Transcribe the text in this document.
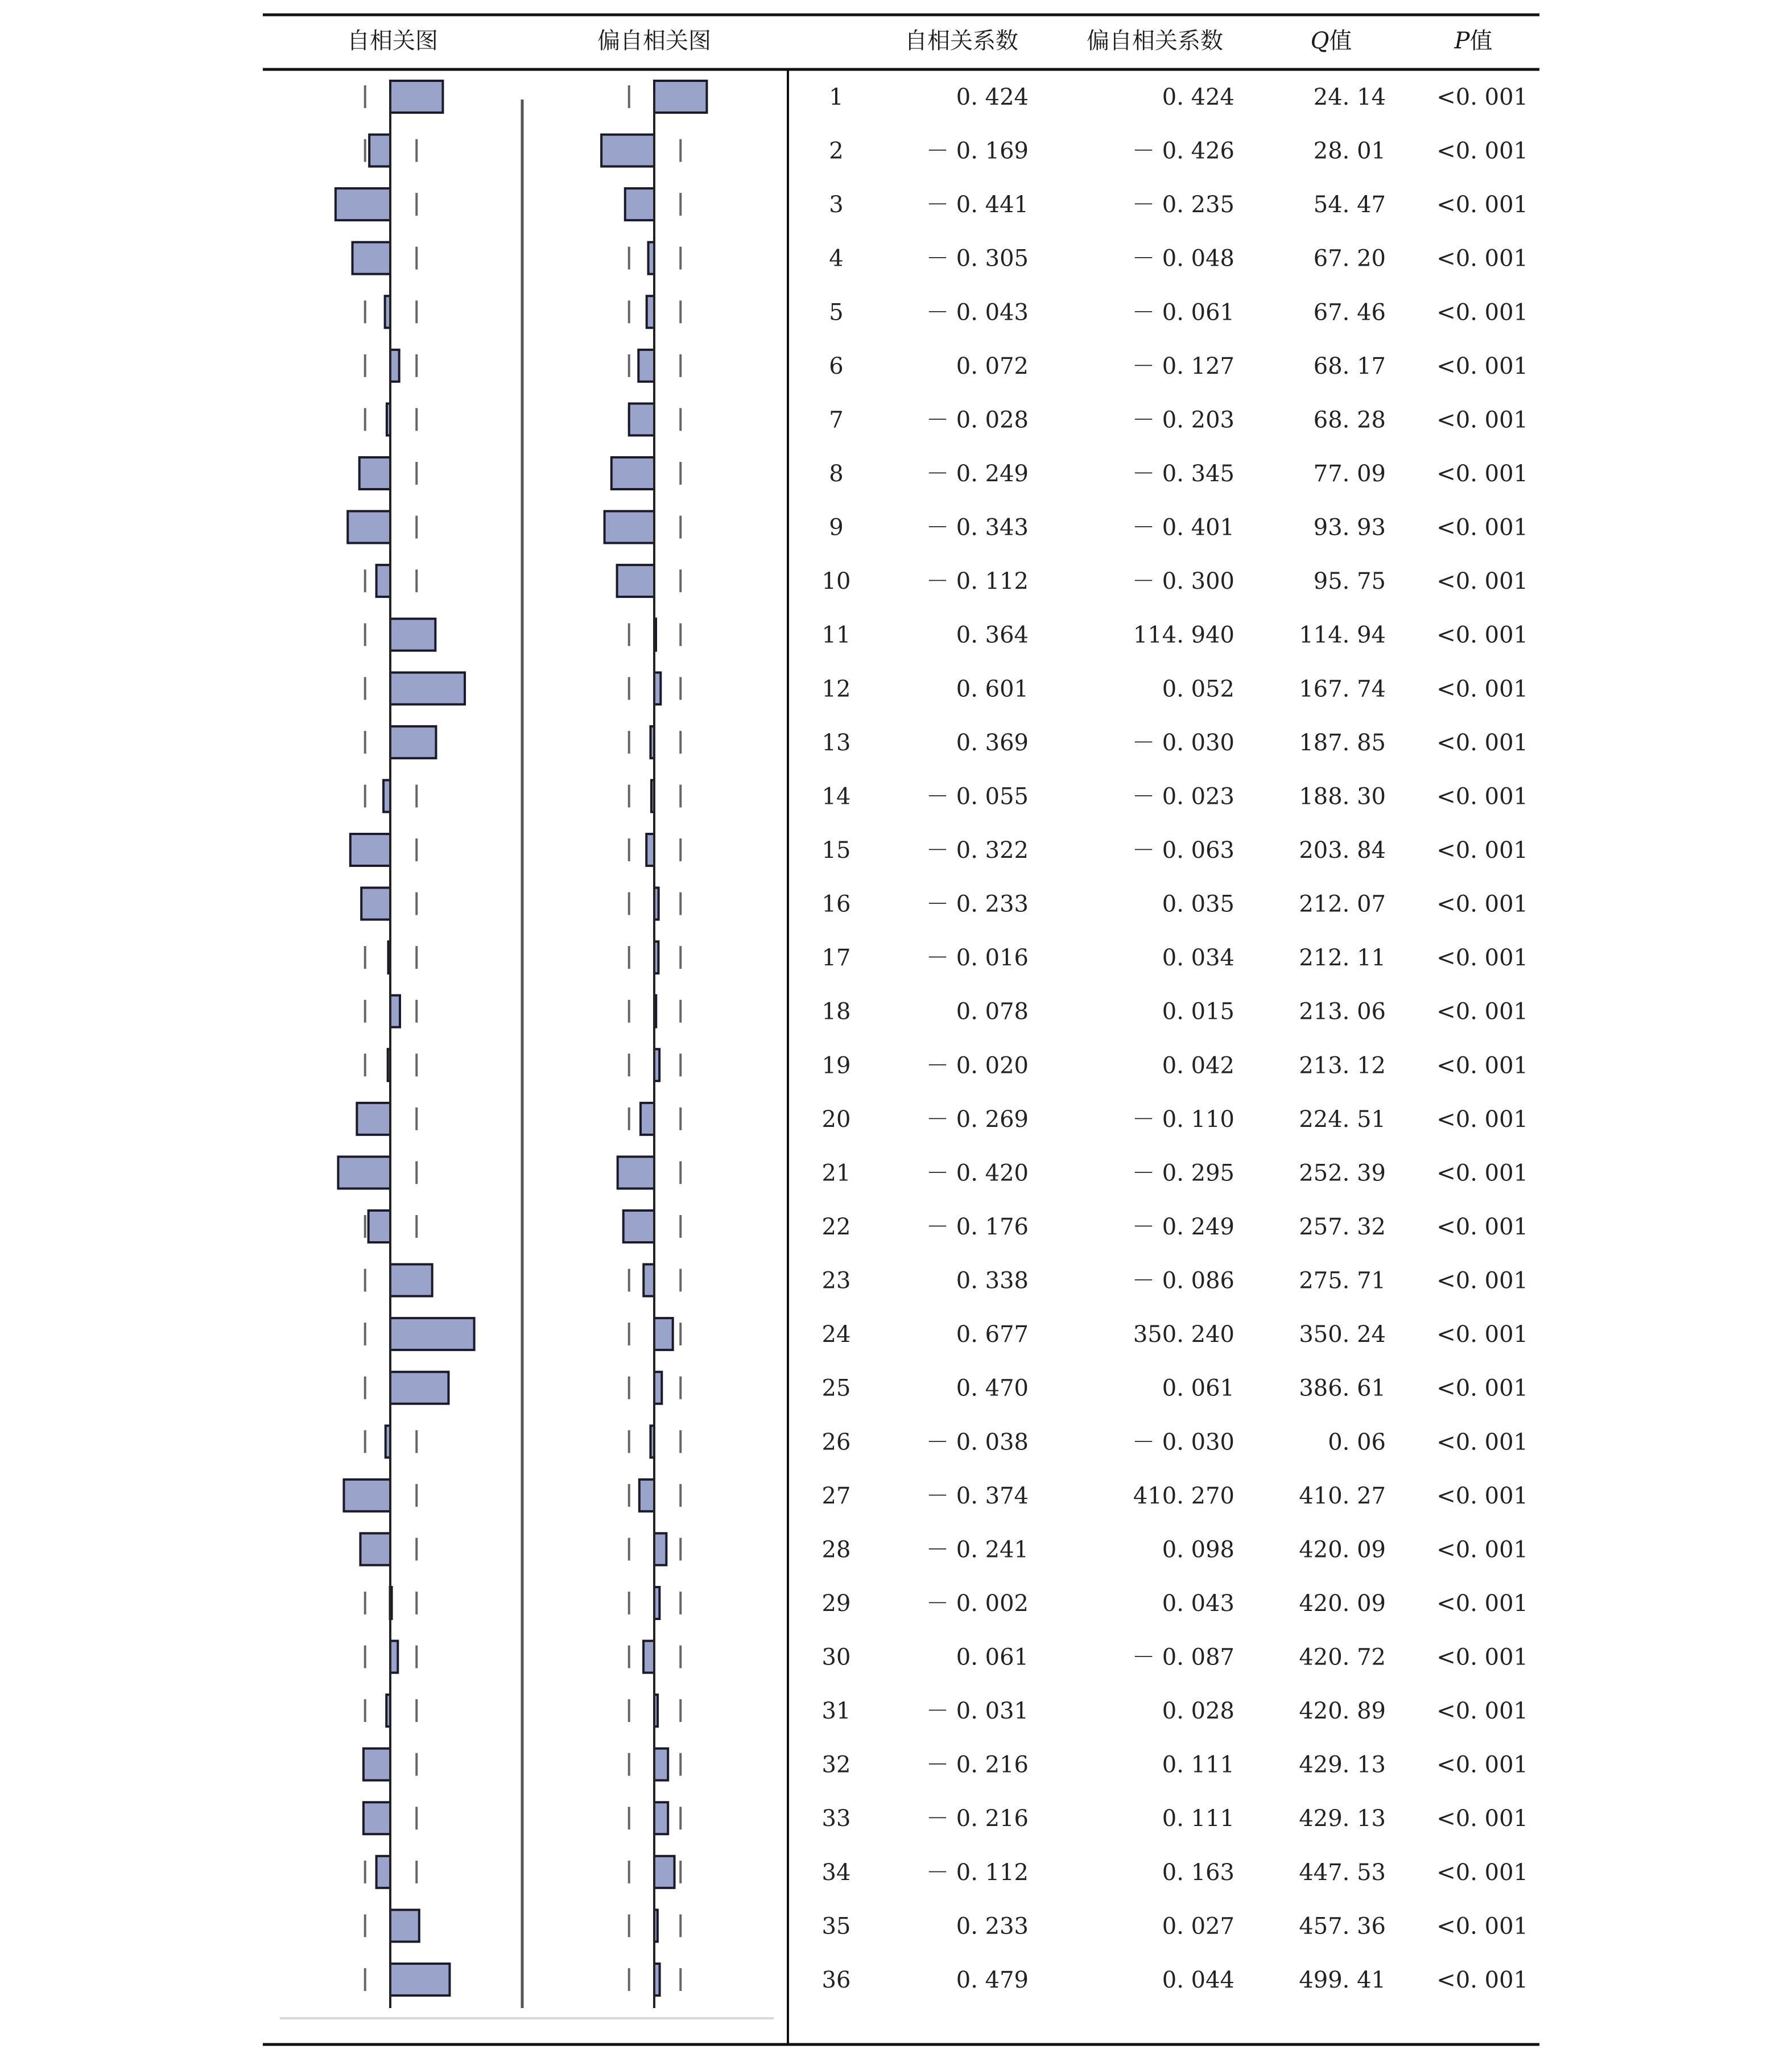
自相关图	偏自相关图	自相关系数	偏自相关系数	Q值	P值
1	0. 424	0. 424	24. 14 <0. 001
2	－ 0. 169	－ 0. 426	28. 01 <0. 001
3	－ 0. 441	－ 0. 235	54. 47 <0. 001
4	－ 0. 305	－ 0. 048	67. 20 <0. 001
5	－ 0. 043	－ 0. 061	67. 46 <0. 001
6	0. 072	－ 0. 127	68. 17 <0. 001
7	－ 0. 028	－ 0. 203	68. 28 <0. 001
8	－ 0. 249	－ 0. 345	77. 09 <0. 001
9	－ 0. 343	－ 0. 401	93. 93 <0. 001
10	－ 0. 112	－ 0. 300	95. 75 <0. 001
11	0. 364	114. 940	114. 94 <0. 001
12	0. 601	0. 052	167. 74 <0. 001
13	0. 369	－ 0. 030	187. 85 <0. 001
14	－ 0. 055	－ 0. 023	188. 30 <0. 001
15	－ 0. 322	－ 0. 063	203. 84 <0. 001
16	－ 0. 233	0. 035	212. 07 <0. 001
17	－ 0. 016	0. 034	212. 11 <0. 001
18	0. 078	0. 015	213. 06 <0. 001
19	－ 0. 020	0. 042	213. 12 <0. 001
20	－ 0. 269	－ 0. 110	224. 51 <0. 001
21	－ 0. 420	－ 0. 295	252. 39 <0. 001
22	－ 0. 176	－ 0. 249	257. 32 <0. 001
23	0. 338	－ 0. 086	275. 71 <0. 001
24	0. 677	350. 240	350. 24 <0. 001
25	0. 470	0. 061	386. 61 <0. 001
26	－ 0. 038	－ 0. 030	0. 06 <0. 001
27	－ 0. 374	410. 270	410. 27 <0. 001
28	－ 0. 241	0. 098	420. 09 <0. 001
29	－ 0. 002	0. 043	420. 09 <0. 001
30	0. 061	－ 0. 087	420. 72 <0. 001
31	－ 0. 031	0. 028	420. 89 <0. 001
32	－ 0. 216	0. 111	429. 13 <0. 001
33	－ 0. 216	0. 111	429. 13 <0. 001
34	－ 0. 112	0. 163	447. 53 <0. 001
35	0. 233	0. 027	457. 36 <0. 001
36	0. 479	0. 044	499. 41 <0. 001
